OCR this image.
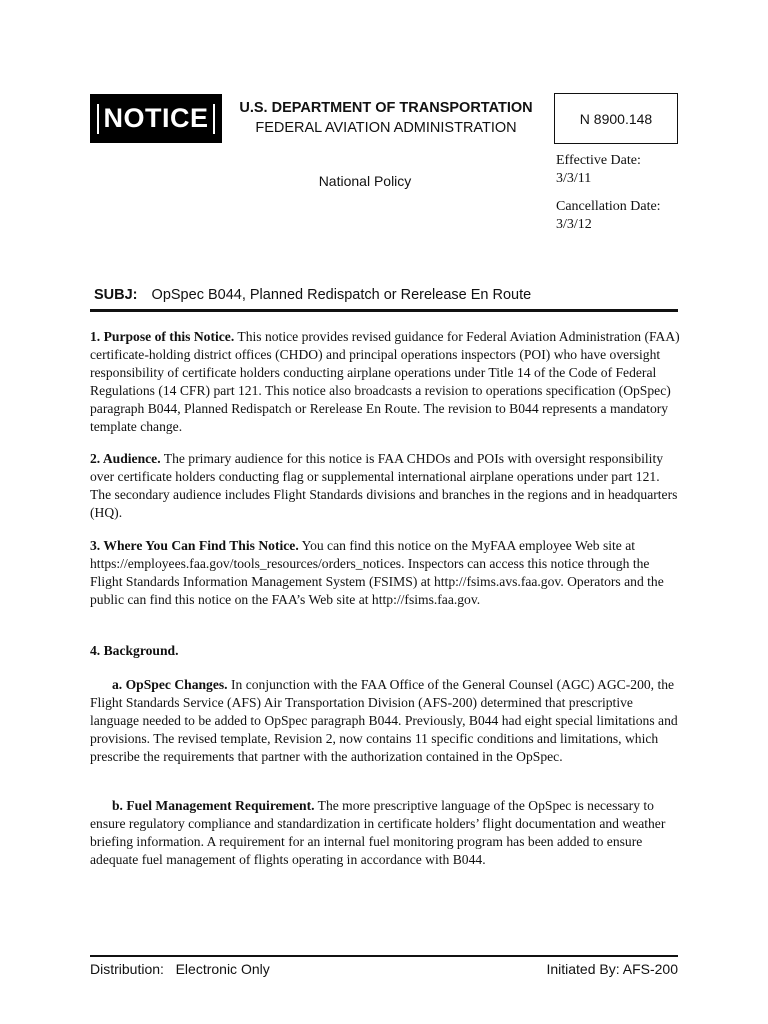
NOTICE	U.S. DEPARTMENT OF TRANSPORTATION
FEDERAL AVIATION ADMINISTRATION
N 8900.148
National Policy
Effective Date:
3/3/11
Cancellation Date:
3/3/12
SUBJ: OpSpec B044, Planned Redispatch or Rerelease En Route
1. Purpose of this Notice. This notice provides revised guidance for Federal Aviation Administration (FAA) certificate-holding district offices (CHDO) and principal operations inspectors (POI) who have oversight responsibility of certificate holders conducting airplane operations under Title 14 of the Code of Federal Regulations (14 CFR) part 121. This notice also broadcasts a revision to operations specification (OpSpec) paragraph B044, Planned Redispatch or Rerelease En Route. The revision to B044 represents a mandatory template change.
2. Audience. The primary audience for this notice is FAA CHDOs and POIs with oversight responsibility over certificate holders conducting flag or supplemental international airplane operations under part 121. The secondary audience includes Flight Standards divisions and branches in the regions and in headquarters (HQ).
3. Where You Can Find This Notice. You can find this notice on the MyFAA employee Web site at https://employees.faa.gov/tools_resources/orders_notices. Inspectors can access this notice through the Flight Standards Information Management System (FSIMS) at http://fsims.avs.faa.gov. Operators and the public can find this notice on the FAA’s Web site at http://fsims.faa.gov.
4. Background.
a. OpSpec Changes. In conjunction with the FAA Office of the General Counsel (AGC) AGC-200, the Flight Standards Service (AFS) Air Transportation Division (AFS-200) determined that prescriptive language needed to be added to OpSpec paragraph B044. Previously, B044 had eight special limitations and provisions. The revised template, Revision 2, now contains 11 specific conditions and limitations, which prescribe the requirements that partner with the authorization contained in the OpSpec.
b. Fuel Management Requirement. The more prescriptive language of the OpSpec is necessary to ensure regulatory compliance and standardization in certificate holders’ flight documentation and weather briefing information. A requirement for an internal fuel monitoring program has been added to ensure adequate fuel management of flights operating in accordance with B044.
Distribution:   Electronic Only	Initiated By: AFS-200
